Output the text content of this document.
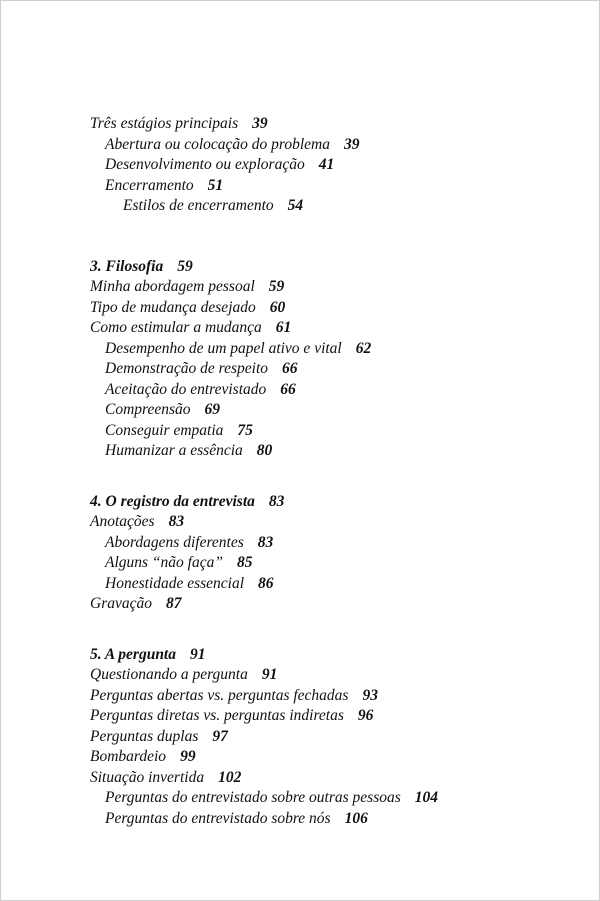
Três estágios principais 39
Abertura ou colocação do problema 39
Desenvolvimento ou exploração 41
Encerramento 51
Estilos de encerramento 54
3. Filosofia 59
Minha abordagem pessoal 59
Tipo de mudança desejado 60
Como estimular a mudança 61
Desempenho de um papel ativo e vital 62
Demonstração de respeito 66
Aceitação do entrevistado 66
Compreensão 69
Conseguir empatia 75
Humanizar a essência 80
4. O registro da entrevista 83
Anotações 83
Abordagens diferentes 83
Alguns “não faça” 85
Honestidade essencial 86
Gravação 87
5. A pergunta 91
Questionando a pergunta 91
Perguntas abertas vs. perguntas fechadas 93
Perguntas diretas vs. perguntas indiretas 96
Perguntas duplas 97
Bombardeio 99
Situação invertida 102
Perguntas do entrevistado sobre outras pessoas 104
Perguntas do entrevistado sobre nós 106
